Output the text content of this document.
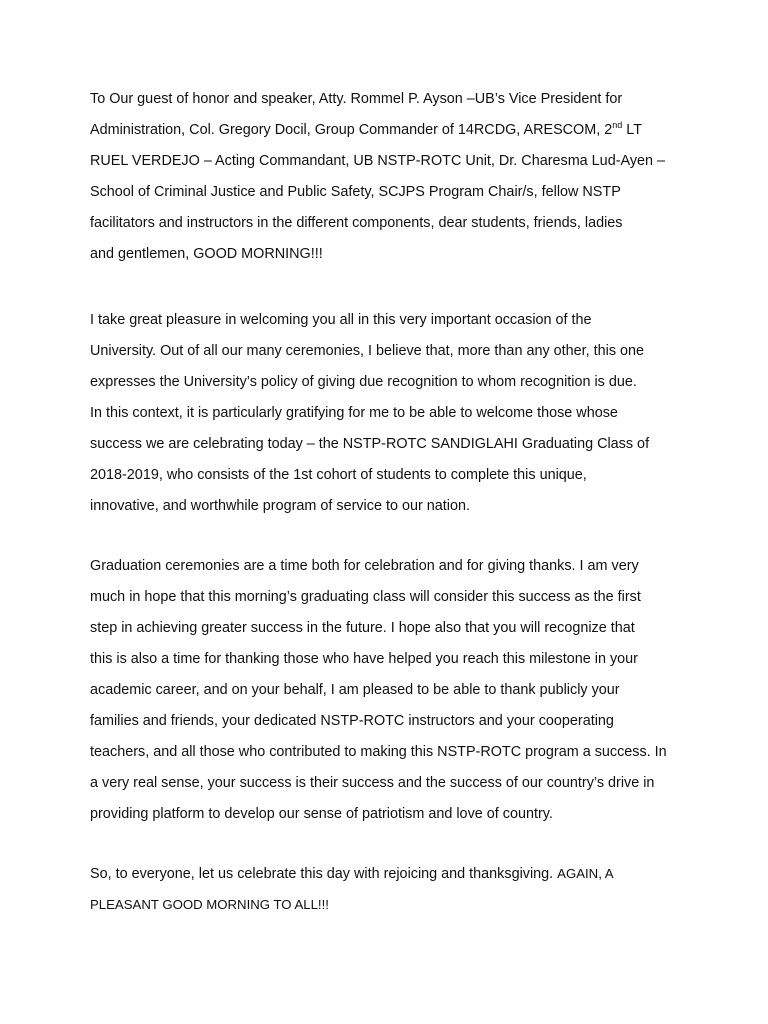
To Our guest of honor and speaker, Atty. Rommel P. Ayson –UB’s Vice President for
Administration, Col. Gregory Docil, Group Commander of 14RCDG, ARESCOM, 2nd LT
RUEL VERDEJO – Acting Commandant, UB NSTP-ROTC Unit, Dr. Charesma Lud-Ayen –
School of Criminal Justice and Public Safety, SCJPS Program Chair/s, fellow NSTP
facilitators and instructors in the different components, dear students, friends, ladies
and gentlemen, GOOD MORNING!!!
I take great pleasure in welcoming you all in this very important occasion of the
University. Out of all our many ceremonies, I believe that, more than any other, this one
expresses the University’s policy of giving due recognition to whom recognition is due.
In this context, it is particularly gratifying for me to be able to welcome those whose
success we are celebrating today – the NSTP-ROTC SANDIGLAHI Graduating Class of
2018-2019, who consists of the 1st cohort of students to complete this unique,
innovative, and worthwhile program of service to our nation.
Graduation ceremonies are a time both for celebration and for giving thanks. I am very
much in hope that this morning’s graduating class will consider this success as the first
step in achieving greater success in the future. I hope also that you will recognize that
this is also a time for thanking those who have helped you reach this milestone in your
academic career, and on your behalf, I am pleased to be able to thank publicly your
families and friends, your dedicated NSTP-ROTC instructors and your cooperating
teachers, and all those who contributed to making this NSTP-ROTC program a success. In
a very real sense, your success is their success and the success of our country’s drive in
providing platform to develop our sense of patriotism and love of country.
So, to everyone, let us celebrate this day with rejoicing and thanksgiving. AGAIN, A
PLEASANT GOOD MORNING TO ALL!!!
